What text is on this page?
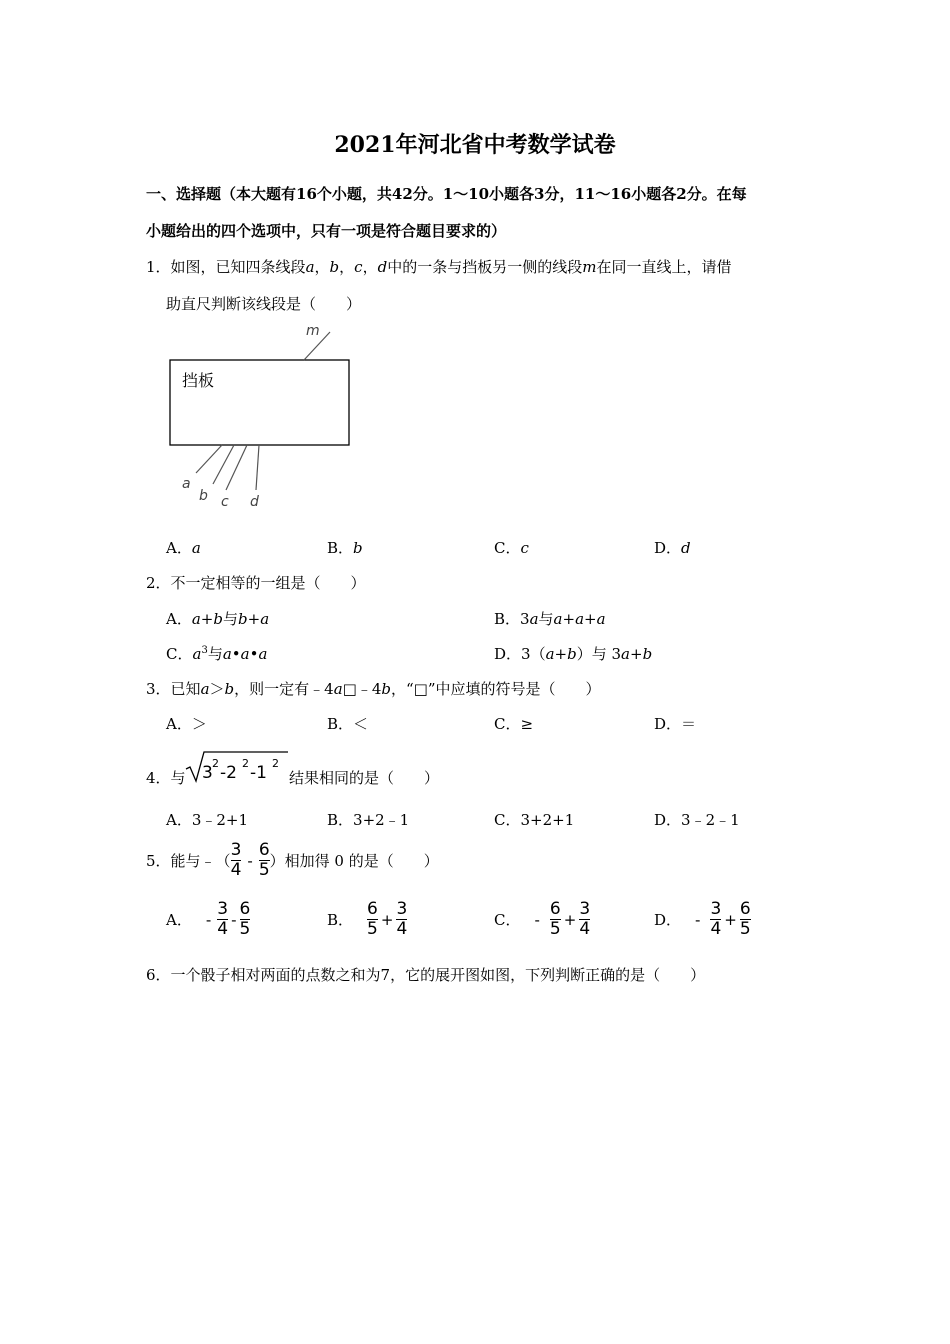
2021年河北省中考数学试卷
一、选择题（本大题有16个小题，共42分。1～10小题各3分，11～16小题各2分。在每
小题给出的四个选项中，只有一项是符合题目要求的）
1．如图，已知四条线段a，b，c，d中的一条与挡板另一侧的线段m在同一直线上，请借
助直尺判断该线段是（　　）
挡板
m
a
b c d
A．a	B．b	C．c	D．d
2．不一定相等的一组是（　　）
A．a+b与b+a	B．3a与a+a+a
C．$a^3$与a•a•a	D．3（a+b）与 3a+b
3．已知a＞b，则一定有﹣4a□﹣4b，“□”中应填的符号是（　　）
A．＞	B．＜	C．≥	D．＝
4．与 3 2 -2 2 -1 2
结果相同的是（　　）
A．3﹣2+1	B．3+2﹣1	C．3+2+1	D．3﹣2﹣1
5．能与﹣（ $\frac{3}{4} - \frac{6}{5}$ ）相加得 0 的是（　　）
A． - $\frac{3}{4} - \frac{6}{5}$	B． $\frac{6}{5} + \frac{3}{4}$	C． - $\frac{6}{5} + \frac{3}{4}$	D． - $\frac{3}{4} + \frac{6}{5}$
6．一个骰子相对两面的点数之和为7，它的展开图如图，下列判断正确的是（　　）
